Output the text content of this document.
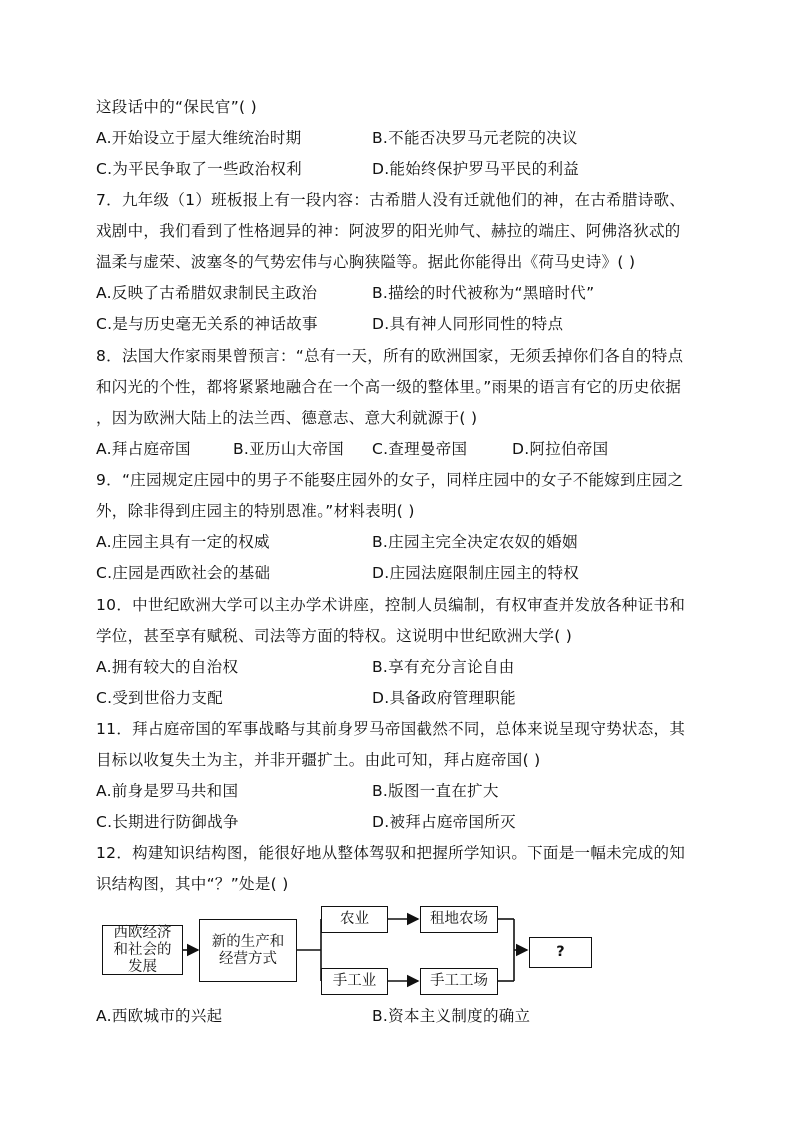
这段话中的“保民官”( )
A.开始设立于屋大维统治时期	B.不能否决罗马元老院的决议
C.为平民争取了一些政治权利	D.能始终保护罗马平民的利益
7．九年级（1）班板报上有一段内容：古希腊人没有迁就他们的神，在古希腊诗歌、
戏剧中，我们看到了性格迥异的神：阿波罗的阳光帅气、赫拉的端庄、阿佛洛狄忒的
温柔与虚荣、波塞冬的气势宏伟与心胸狭隘等。据此你能得出《荷马史诗》( )
A.反映了古希腊奴隶制民主政治	B.描绘的时代被称为“黑暗时代”
C.是与历史毫无关系的神话故事	D.具有神人同形同性的特点
8．法国大作家雨果曾预言：“总有一天，所有的欧洲国家，无须丢掉你们各自的特点
和闪光的个性，都将紧紧地融合在一个高一级的整体里。”雨果的语言有它的历史依据
，因为欧洲大陆上的法兰西、德意志、意大利就源于( )
A.拜占庭帝国	B.亚历山大帝国 C.查理曼帝国	D.阿拉伯帝国
9．“庄园规定庄园中的男子不能娶庄园外的女子，同样庄园中的女子不能嫁到庄园之
外，除非得到庄园主的特别恩准。”材料表明( )
A.庄园主具有一定的权威	B.庄园主完全决定农奴的婚姻
C.庄园是西欧社会的基础	D.庄园法庭限制庄园主的特权
10．中世纪欧洲大学可以主办学术讲座，控制人员编制，有权审查并发放各种证书和
学位，甚至享有赋税、司法等方面的特权。这说明中世纪欧洲大学( )
A.拥有较大的自治权	B.享有充分言论自由
C.受到世俗力支配	D.具备政府管理职能
11．拜占庭帝国的军事战略与其前身罗马帝国截然不同，总体来说呈现守势状态，其
目标以收复失土为主，并非开疆扩土。由此可知，拜占庭帝国( )
A.前身是罗马共和国	B.版图一直在扩大
C.长期进行防御战争	D.被拜占庭帝国所灭
12．构建知识结构图，能很好地从整体驾驭和把握所学知识。下面是一幅未完成的知
识结构图，其中“？”处是( )
西欧经济
和社会的
发展
新的生产和
经营方式
农业	租地农场
手工业	手工工场
?
A.西欧城市的兴起	B.资本主义制度的确立
